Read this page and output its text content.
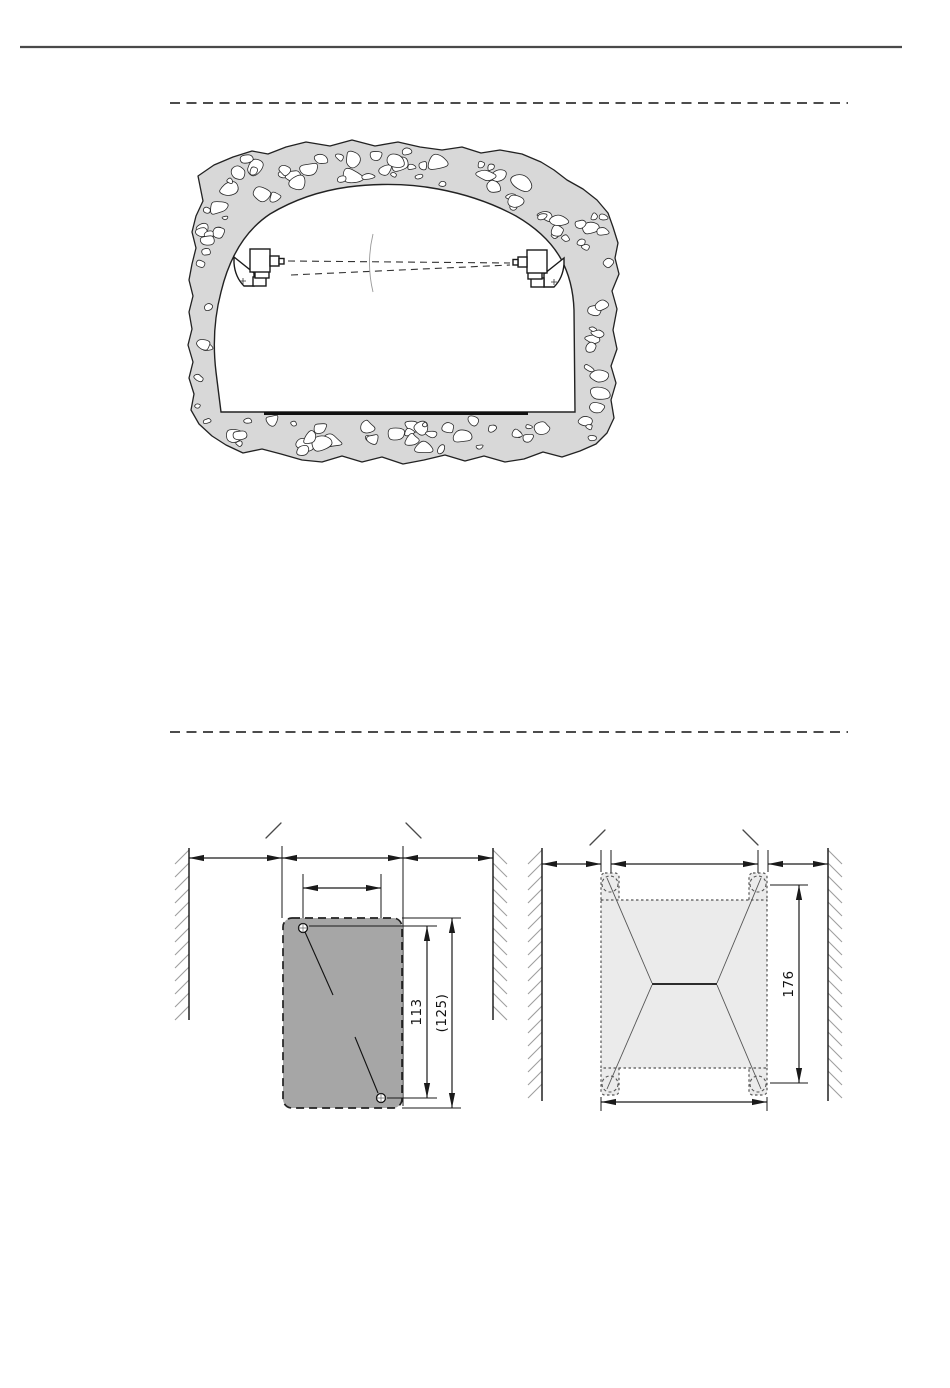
113 (125)
176
